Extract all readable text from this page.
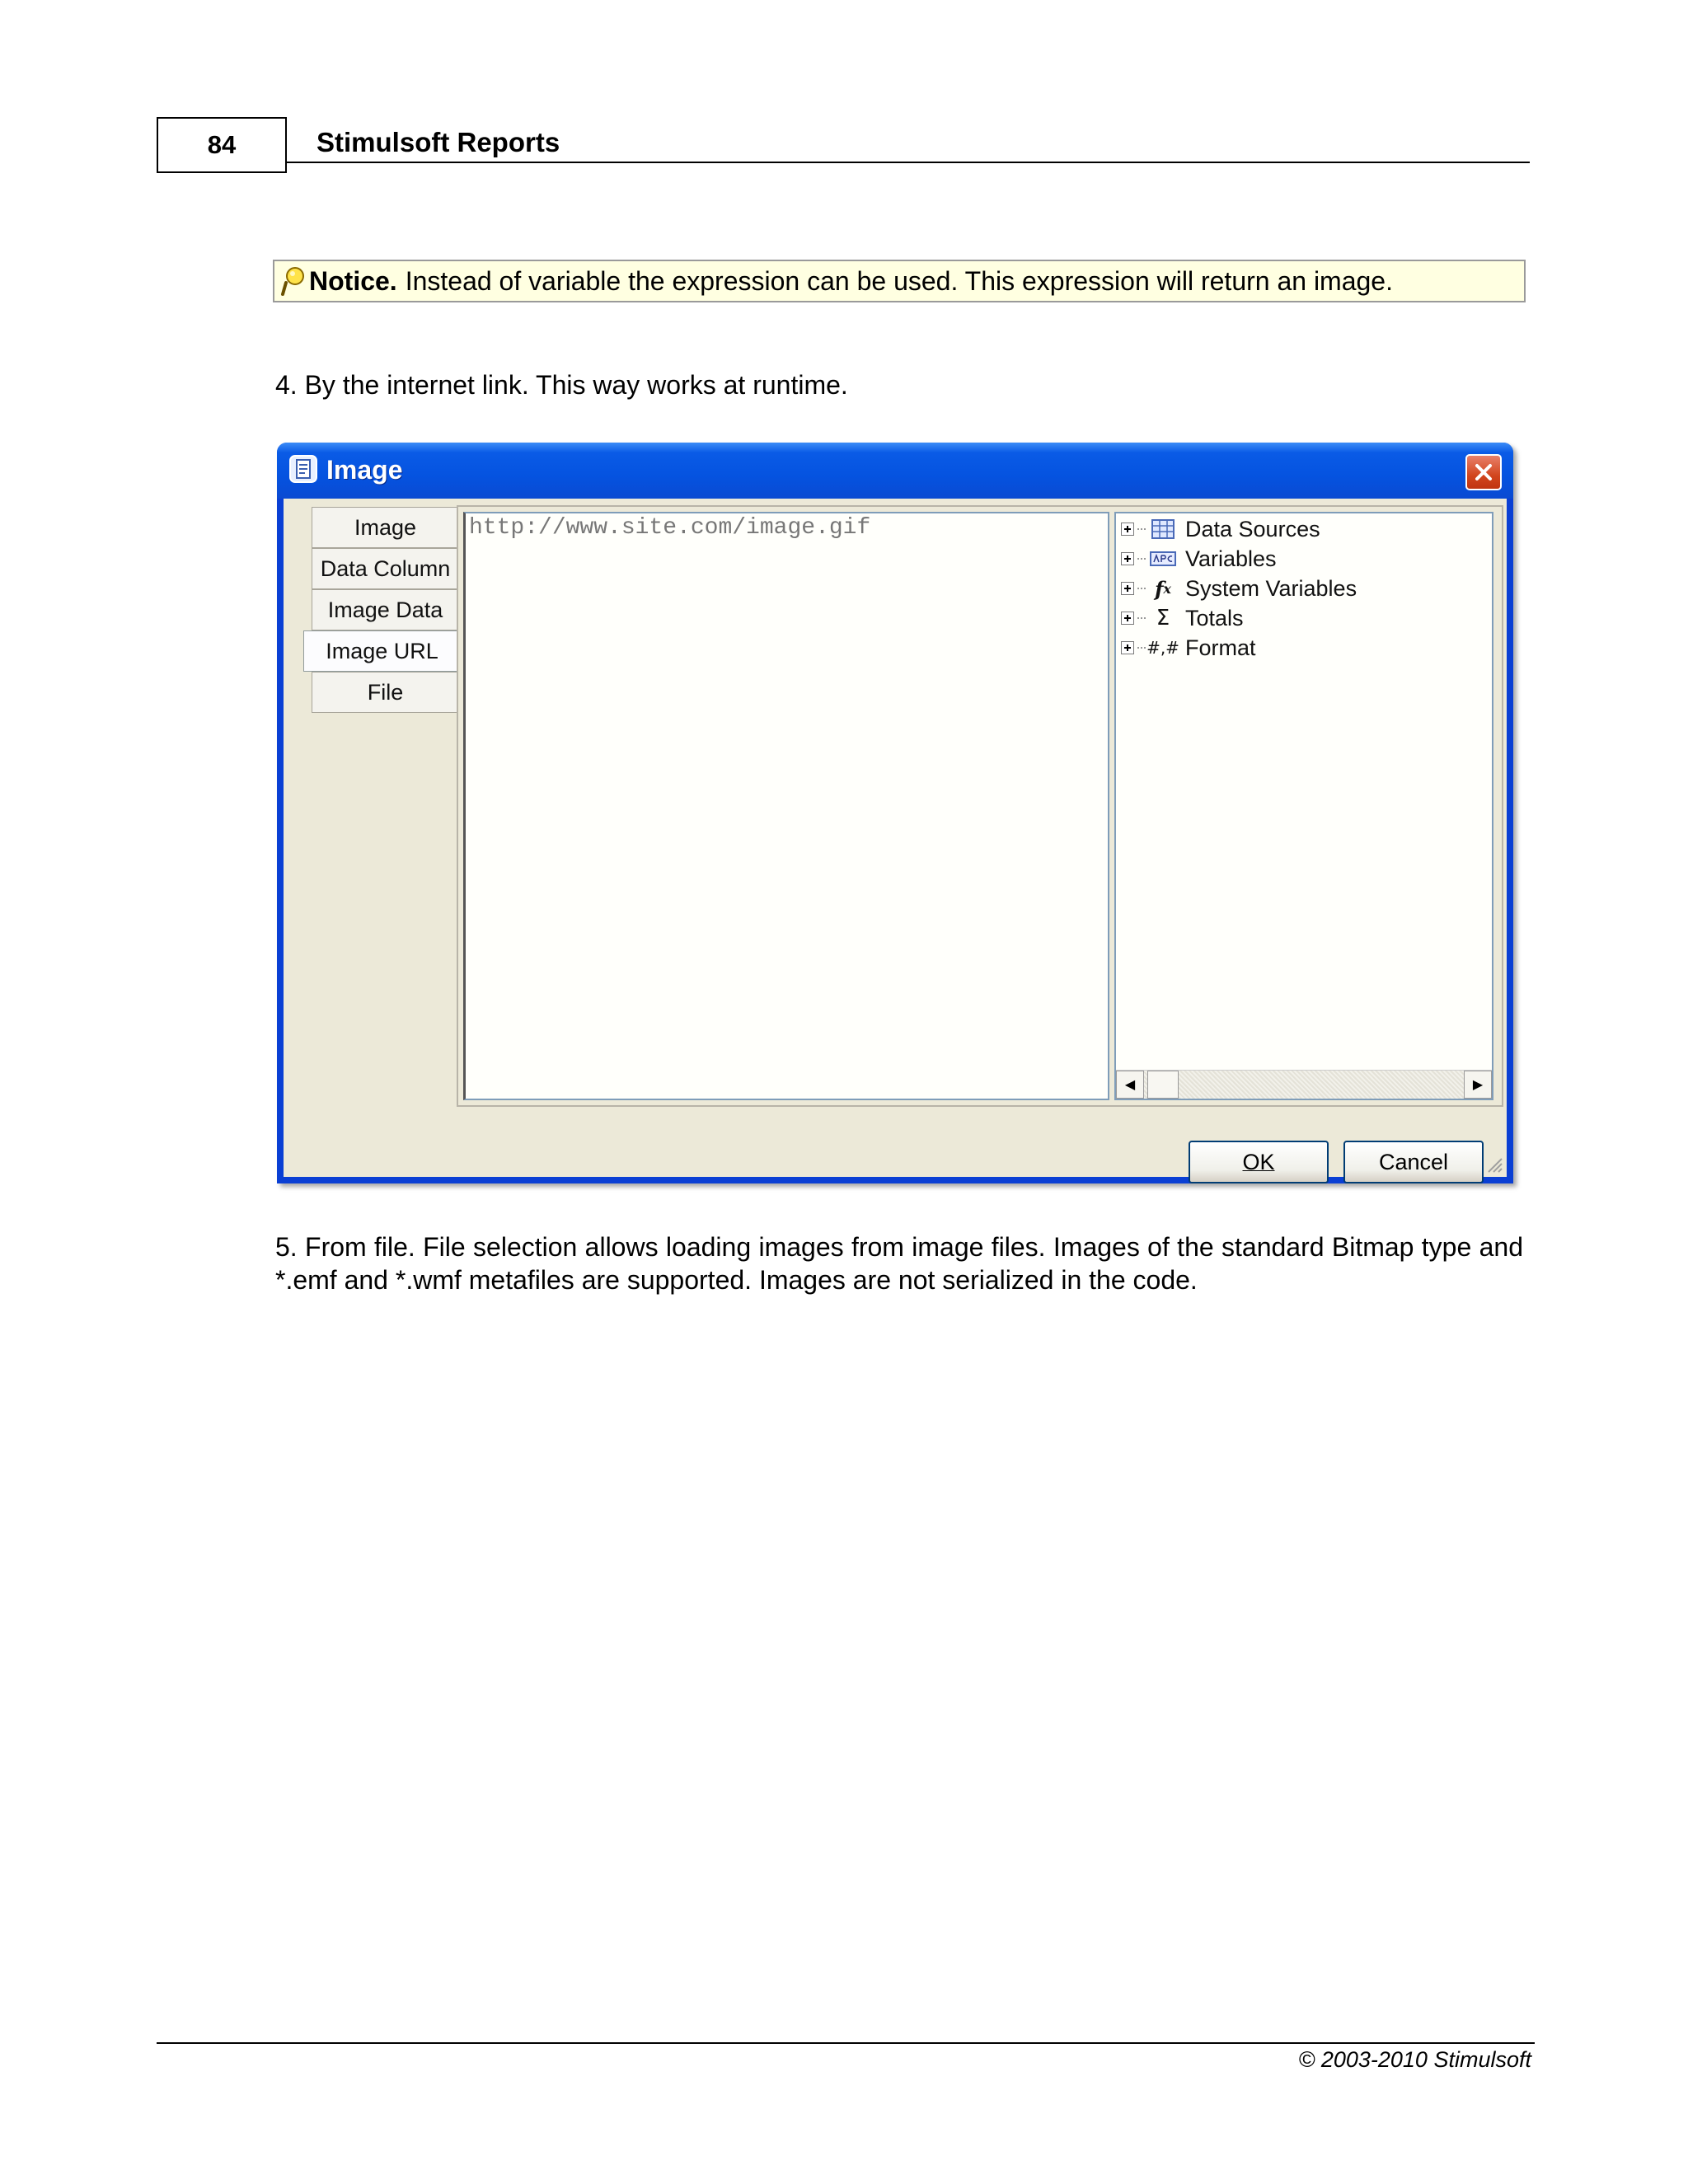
84	Stimulsoft Reports
Notice. Instead of variable the expression can be used. This expression will return an image.
4. By the internet link. This way works at runtime.
Image
Image
Data Column
Image Data
Image URL
File
http://www.site.com/image.gif	Data Sources
Variables
f x System Variables
Σ Totals
#,# Format
◀	▶
OK	Cancel
5. From file. File selection allows loading images from image files. Images of the standard Bitmap type and *.emf and *.wmf metafiles are supported. Images are not serialized in the code.
© 2003-2010 Stimulsoft
